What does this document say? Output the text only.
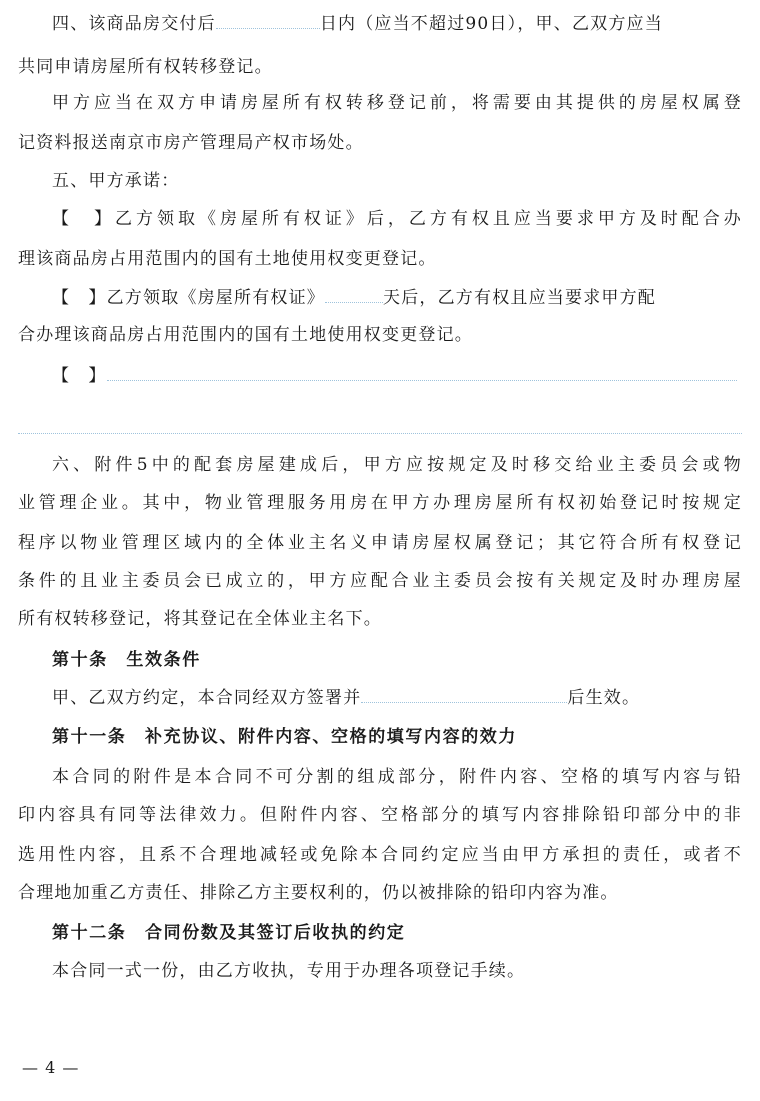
四、该商品房交付后	日内（应当不超过90日），甲、乙双方应当
共同申请房屋所有权转移登记。
甲方应当在双方申请房屋所有权转移登记前，将需要由其提供的房屋权属登
记资料报送南京市房产管理局产权市场处。
五、甲方承诺：
【　】乙方领取《房屋所有权证》后，乙方有权且应当要求甲方及时配合办
理该商品房占用范围内的国有土地使用权变更登记。
【　】乙方领取《房屋所有权证》	天后，乙方有权且应当要求甲方配
合办理该商品房占用范围内的国有土地使用权变更登记。
【　】
六、附件5中的配套房屋建成后，甲方应按规定及时移交给业主委员会或物
业管理企业。其中，物业管理服务用房在甲方办理房屋所有权初始登记时按规定
程序以物业管理区域内的全体业主名义申请房屋权属登记；其它符合所有权登记
条件的且业主委员会已成立的，甲方应配合业主委员会按有关规定及时办理房屋
所有权转移登记，将其登记在全体业主名下。
第十条　生效条件
甲、乙双方约定，本合同经双方签署并	后生效。
第十一条　补充协议、附件内容、空格的填写内容的效力
本合同的附件是本合同不可分割的组成部分，附件内容、空格的填写内容与铅
印内容具有同等法律效力。但附件内容、空格部分的填写内容排除铅印部分中的非
选用性内容，且系不合理地减轻或免除本合同约定应当由甲方承担的责任，或者不
合理地加重乙方责任、排除乙方主要权利的，仍以被排除的铅印内容为准。
第十二条　合同份数及其签订后收执的约定
本合同一式一份，由乙方收执，专用于办理各项登记手续。
— 4 —
